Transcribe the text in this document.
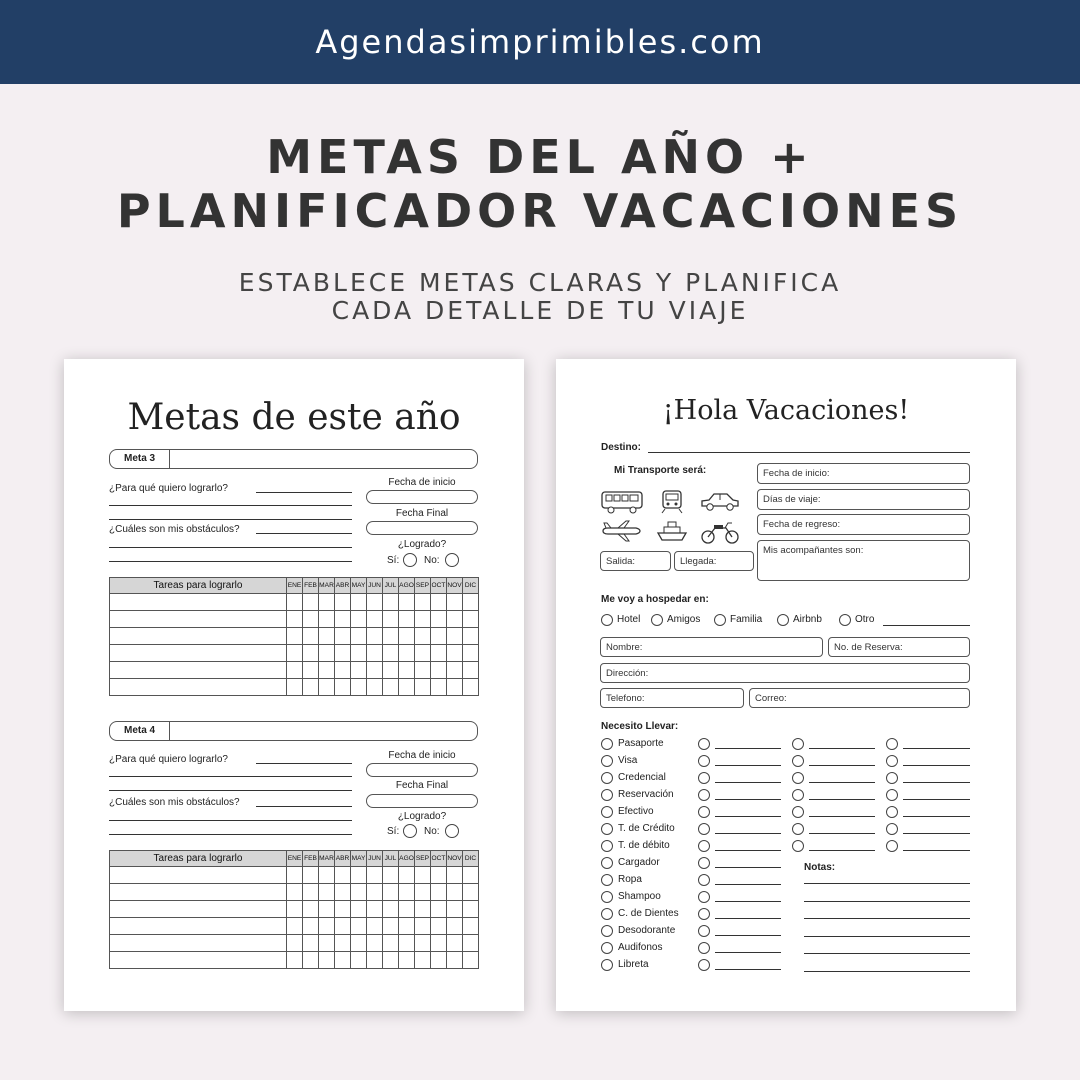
Agendasimprimibles.com
METAS DEL AÑO +
PLANIFICADOR VACACIONES
ESTABLECE METAS CLARAS Y PLANIFICA
CADA DETALLE DE TU VIAJE
Metas de este año
Meta 3
¿Para qué quiero lograrlo?
¿Cuáles son mis obstáculos?
Fecha de inicio
Fecha Final
¿Logrado?
Sí: No:
Tareas para lograrlo	ENE	FEB	MAR	ABR	MAY	JUN	JUL	AGO	SEP	OCT	NOV	DIC

Meta 4
¿Para qué quiero lograrlo?
¿Cuáles son mis obstáculos?
Fecha de inicio
Fecha Final
¿Logrado?
Sí: No:
Tareas para lograrlo	ENE	FEB	MAR	ABR	MAY	JUN	JUL	AGO	SEP	OCT	NOV	DIC

¡Hola Vacaciones!
Destino:
Mi Transporte será:
Salida:	Llegada:
Fecha de inicio:
Días de viaje:
Fecha de regreso:
Mis acompañantes son:
Me voy a hospedar en:
Hotel	Amigos	Familia	Airbnb	Otro
Nombre:	No. de Reserva:
Dirección:
Telefono:	Correo:
Necesito Llevar:
Pasaporte
Visa
Credencial
Reservación
Efectivo
T. de Crédito
T. de débito
Cargador
Ropa
Shampoo
C. de Dientes
Desodorante
Audifonos
Libreta
Notas:
